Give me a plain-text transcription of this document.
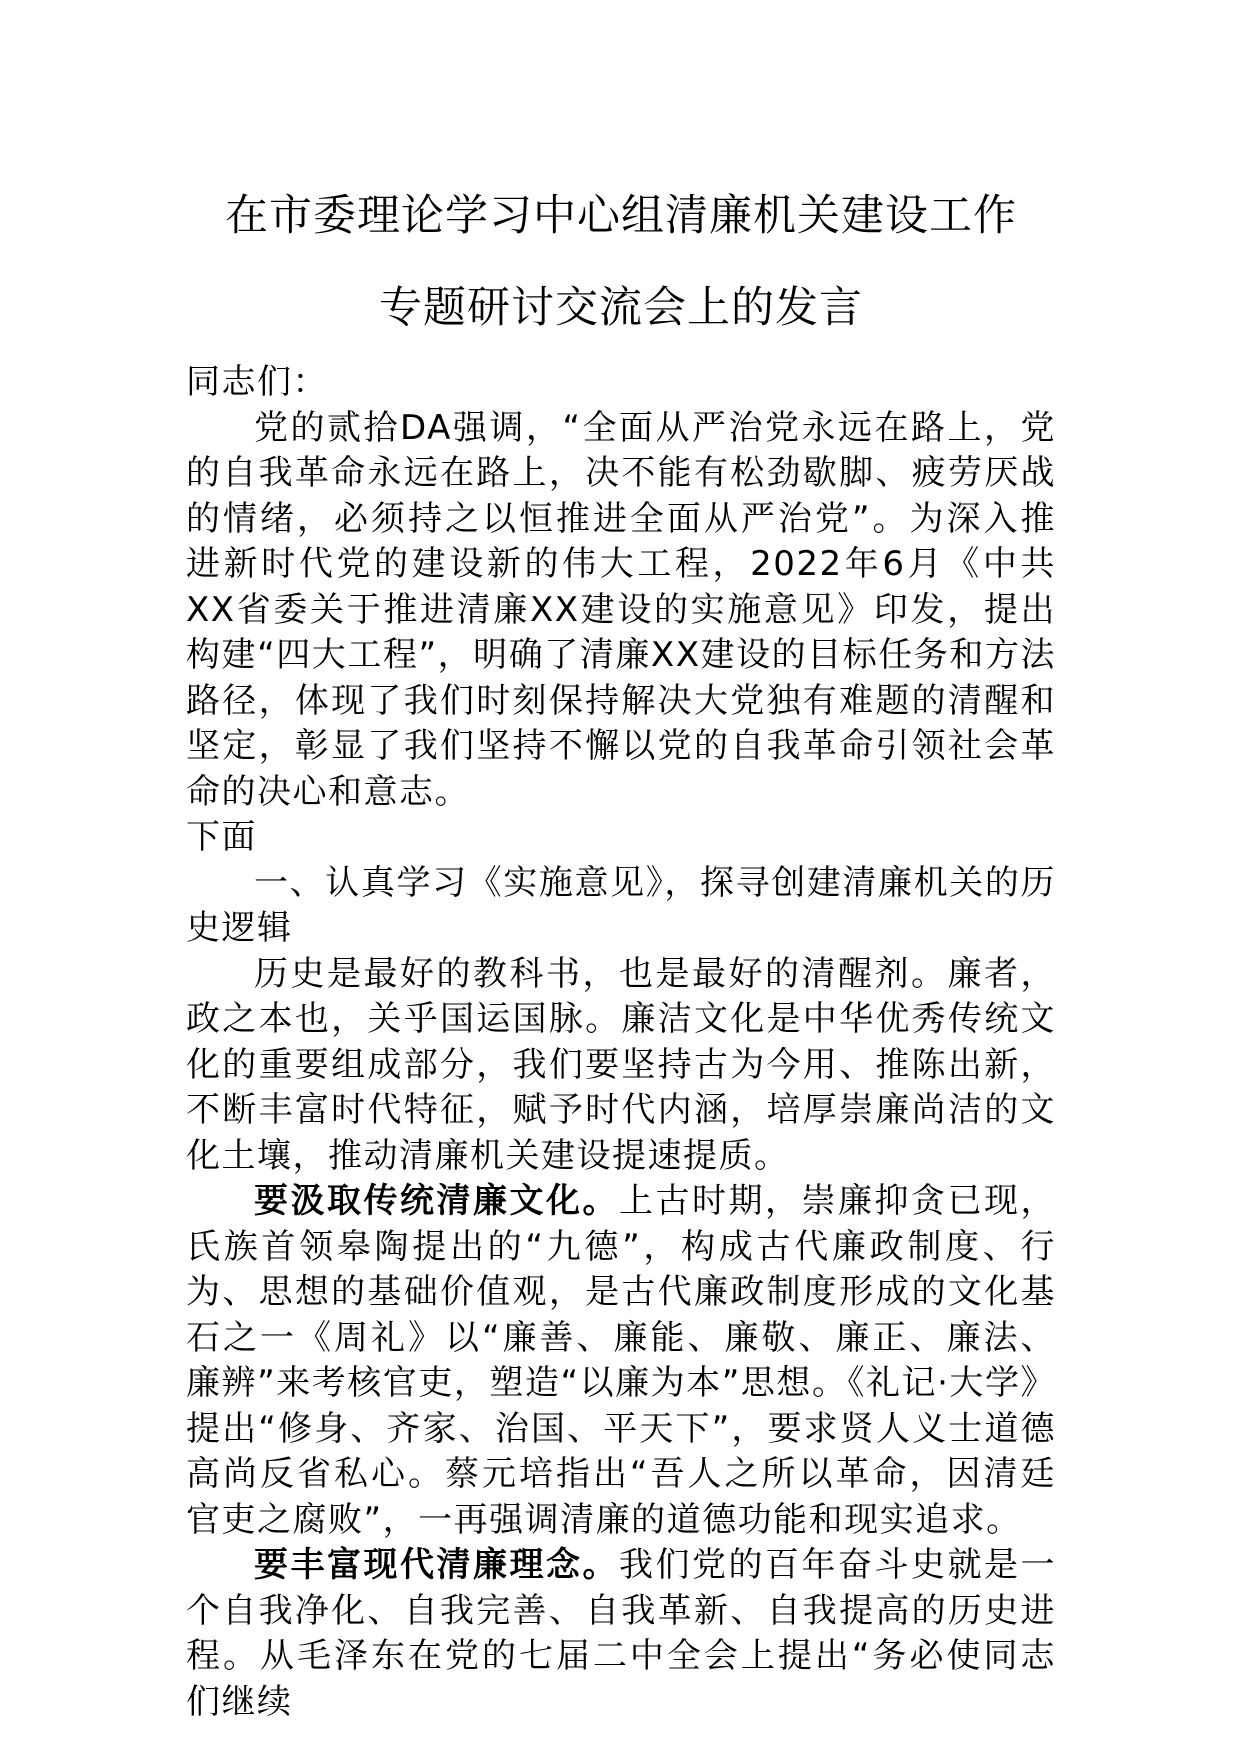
在市委理论学习中心组清廉机关建设工作
专题研讨交流会上的发言

同志们：

党的贰拾DA强调，“全面从严治党永远在路上，党的自我革命永远在路上，决不能有松劲歇脚、疲劳厌战的情绪，必须持之以恒推进全面从严治党”。为深入推进新时代党的建设新的伟大工程，2022年6月《中共XX省委关于推进清廉XX建设的实施意见》印发，提出构建“四大工程”，明确了清廉XX建设的目标任务和方法路径，体现了我们时刻保持解决大党独有难题的清醒和坚定，彰显了我们坚持不懈以党的自我革命引领社会革命的决心和意志。

下面

一、认真学习《实施意见》，探寻创建清廉机关的历史逻辑

历史是最好的教科书，也是最好的清醒剂。廉者，政之本也，关乎国运国脉。廉洁文化是中华优秀传统文化的重要组成部分，我们要坚持古为今用、推陈出新，不断丰富时代特征，赋予时代内涵，培厚崇廉尚洁的文化土壤，推动清廉机关建设提速提质。

要汲取传统清廉文化。上古时期，崇廉抑贪已现，氏族首领皋陶提出的“九德”，构成古代廉政制度、行为、思想的基础价值观，是古代廉政制度形成的文化基石之一《周礼》以“廉善、廉能、廉敬、廉正、廉法、廉辨”来考核官吏，塑造“以廉为本”思想。《礼记·大学》提出“修身、齐家、治国、平天下”，要求贤人义士道德高尚反省私心。蔡元培指出“吾人之所以革命，因清廷官吏之腐败”，一再强调清廉的道德功能和现实追求。

要丰富现代清廉理念。我们党的百年奋斗史就是一个自我净化、自我完善、自我革新、自我提高的历史进程。从毛泽东在党的七届二中全会上提出“务必使同志们继续
